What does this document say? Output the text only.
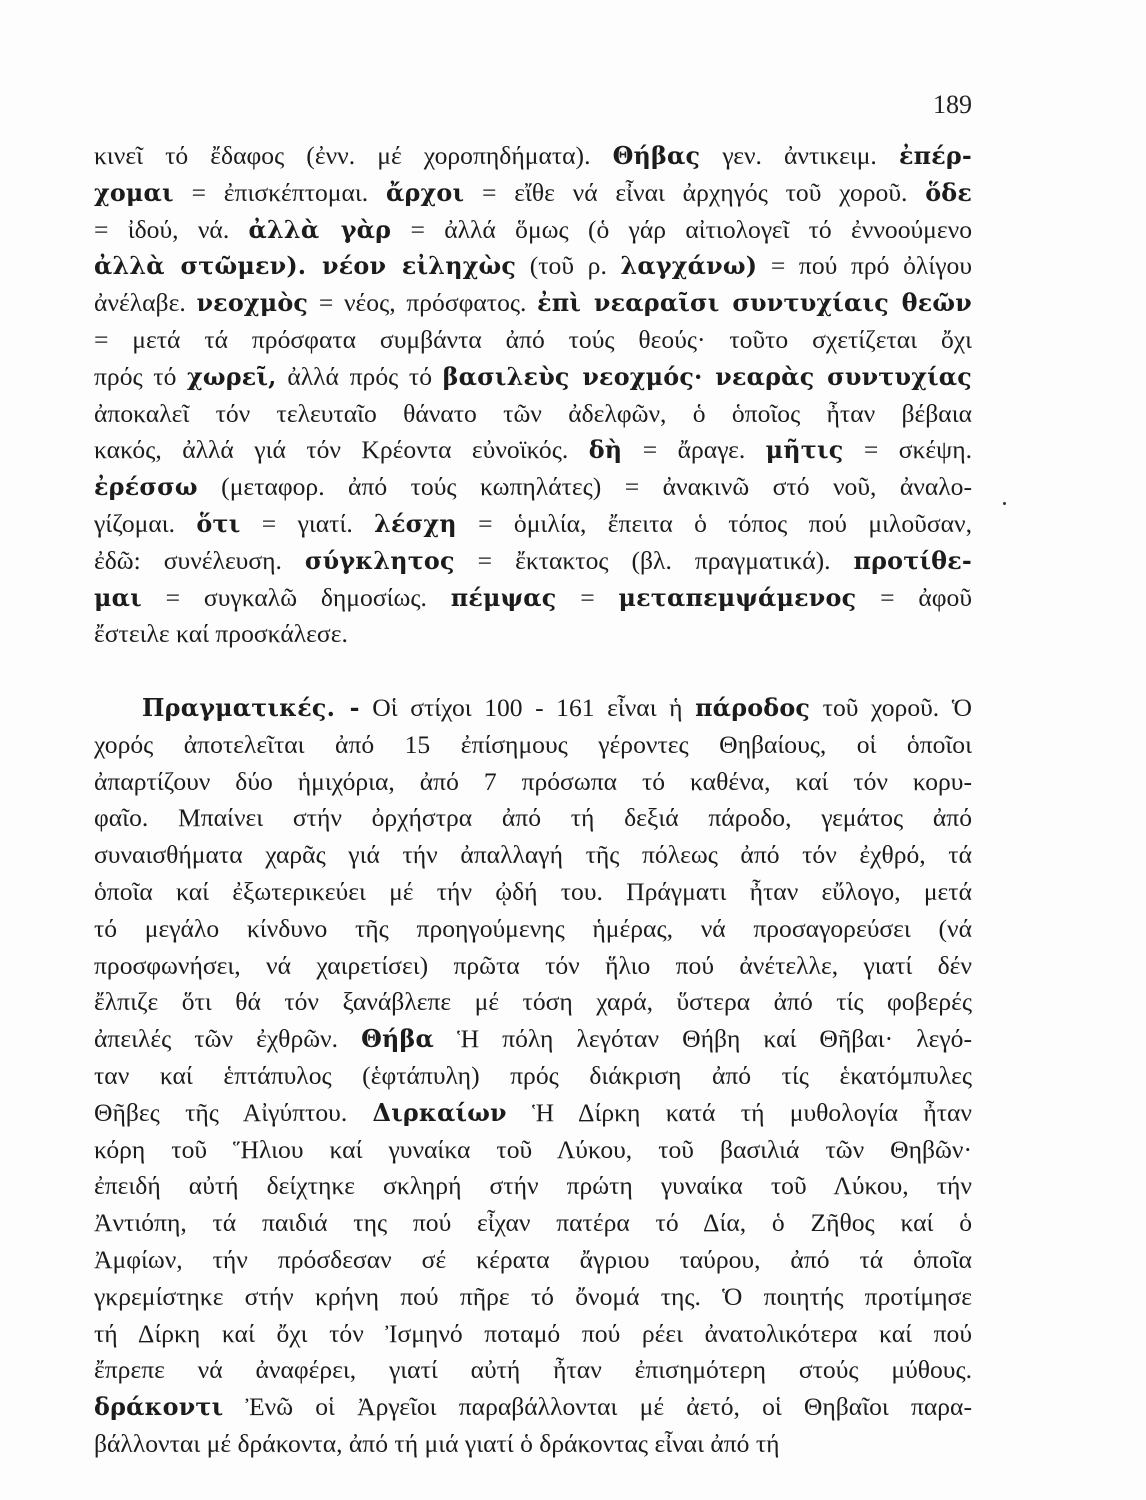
189
κινεῖ τό ἔδαφος (ἐνν. μέ χοροπηδήματα). Θήβας γεν. ἀντικειμ. ἐπέρ-
χομαι = ἐπισκέπτομαι. ἄρχοι = εἴθε νά εἶναι ἀρχηγός τοῦ χοροῦ. ὅδε
= ἰδού, νά. ἀλλὰ γὰρ = ἀλλά ὅμως (ὁ γάρ αἰτιολογεῖ τό ἐννοούμενο
ἀλλὰ στῶμεν). νέον εἰληχὼς (τοῦ ρ. λαγχάνω) = πού πρό ὀλίγου
ἀνέλαβε. νεοχμὸς = νέος, πρόσφατος. ἐπὶ νεαραῖσι συντυχίαις θεῶν
= μετά τά πρόσφατα συμβάντα ἀπό τούς θεούς· τοῦτο σχετίζεται ὄχι
πρός τό χωρεῖ, ἀλλά πρός τό βασιλεὺς νεοχμός· νεαρὰς συντυχίας
ἀποκαλεῖ τόν τελευταῖο θάνατο τῶν ἀδελφῶν, ὁ ὁποῖος ἦταν βέβαια
κακός, ἀλλά γιά τόν Κρέοντα εὐνοϊκός. δὴ = ἄραγε. μῆτις = σκέψη.
ἐρέσσω (μεταφορ. ἀπό τούς κωπηλάτες) = ἀνακινῶ στό νοῦ, ἀναλο-
γίζομαι. ὅτι = γιατί. λέσχη = ὁμιλία, ἔπειτα ὁ τόπος πού μιλοῦσαν,
ἐδῶ: συνέλευση. σύγκλητος = ἔκτακτος (βλ. πραγματικά). προτίθε-
μαι = συγκαλῶ δημοσίως. πέμψας = μεταπεμψάμενος = ἀφοῦ
ἔστειλε καί προσκάλεσε.
Πραγματικές. - Οἱ στίχοι 100 - 161 εἶναι ἡ πάροδος τοῦ χοροῦ. Ὁ
χορός ἀποτελεῖται ἀπό 15 ἐπίσημους γέροντες Θηβαίους, οἱ ὁποῖοι
ἀπαρτίζουν δύο ἡμιχόρια, ἀπό 7 πρόσωπα τό καθένα, καί τόν κορυ-
φαῖο. Μπαίνει στήν ὀρχήστρα ἀπό τή δεξιά πάροδο, γεμάτος ἀπό
συναισθήματα χαρᾶς γιά τήν ἀπαλλαγή τῆς πόλεως ἀπό τόν ἐχθρό, τά
ὁποῖα καί ἐξωτερικεύει μέ τήν ᾠδή του. Πράγματι ἦταν εὔλογο, μετά
τό μεγάλο κίνδυνο τῆς προηγούμενης ἡμέρας, νά προσαγορεύσει (νά
προσφωνήσει, νά χαιρετίσει) πρῶτα τόν ἥλιο πού ἀνέτελλε, γιατί δέν
ἔλπιζε ὅτι θά τόν ξανάβλεπε μέ τόση χαρά, ὕστερα ἀπό τίς φοβερές
ἀπειλές τῶν ἐχθρῶν. Θήβα Ἡ πόλη λεγόταν Θήβη καί Θῆβαι· λεγό-
ταν καί ἑπτάπυλος (ἑφτάπυλη) πρός διάκριση ἀπό τίς ἑκατόμπυλες
Θῆβες τῆς Αἰγύπτου. Διρκαίων Ἡ Δίρκη κατά τή μυθολογία ἦταν
κόρη τοῦ Ἥλιου καί γυναίκα τοῦ Λύκου, τοῦ βασιλιά τῶν Θηβῶν·
ἐπειδή αὐτή δείχτηκε σκληρή στήν πρώτη γυναίκα τοῦ Λύκου, τήν
Ἀντιόπη, τά παιδιά της πού εἶχαν πατέρα τό Δία, ὁ Ζῆθος καί ὁ
Ἀμφίων, τήν πρόσδεσαν σέ κέρατα ἄγριου ταύρου, ἀπό τά ὁποῖα
γκρεμίστηκε στήν κρήνη πού πῆρε τό ὄνομά της. Ὁ ποιητής προτίμησε
τή Δίρκη καί ὄχι τόν Ἰσμηνό ποταμό πού ρέει ἀνατολικότερα καί πού
ἔπρεπε νά ἀναφέρει, γιατί αὐτή ἦταν ἐπισημότερη στούς μύθους.
δράκοντι Ἐνῶ οἱ Ἀργεῖοι παραβάλλονται μέ ἀετό, οἱ Θηβαῖοι παρα-
βάλλονται μέ δράκοντα, ἀπό τή μιά γιατί ὁ δράκοντας εἶναι ἀπό τή
